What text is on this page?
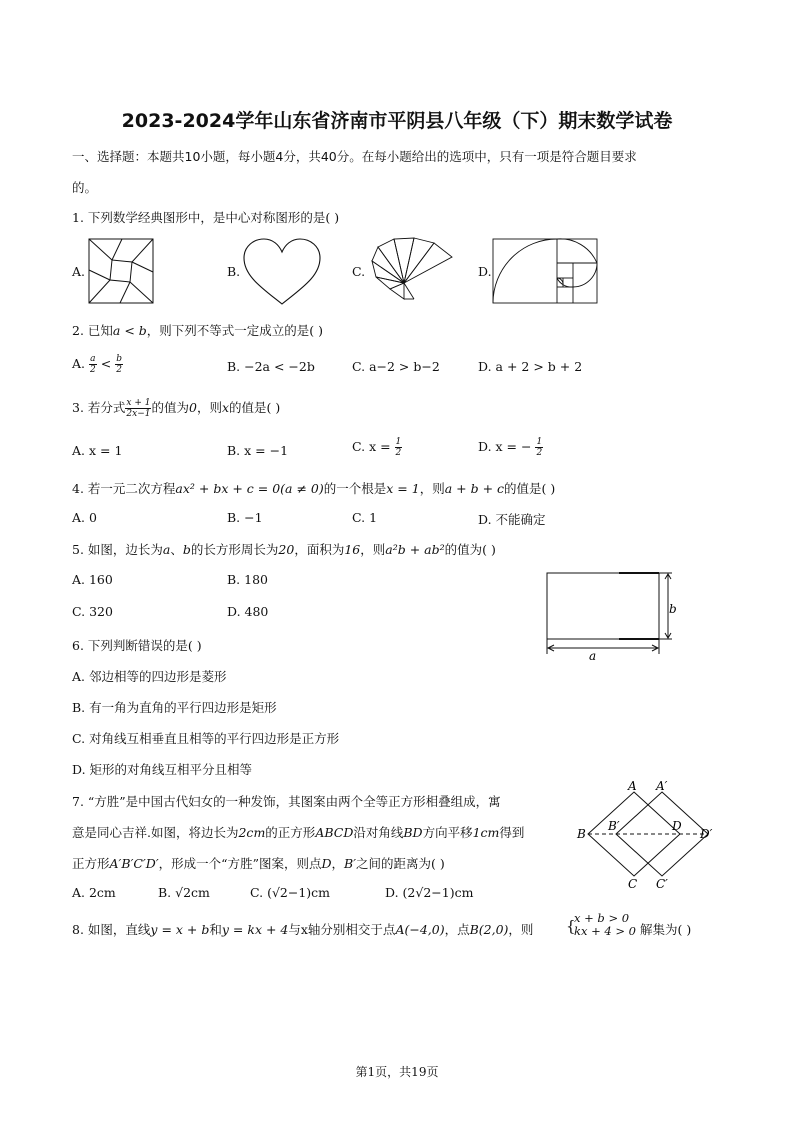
2023-2024学年山东省济南市平阴县八年级（下）期末数学试卷
一、选择题：本题共10小题，每小题4分，共40分。在每小题给出的选项中，只有一项是符合题目要求
的。
1. 下列数学经典图形中，是中心对称图形的是( )
A.	B.	C.	D.
2. 已知a < b，则下列不等式一定成立的是( )
A. $\frac{a}{2} < \frac{b}{2}$	B. −2a < −2b	C. a−2 > b−2	D. a + 2 > b + 2
3. 若分式 $\frac{x + 1}{2x-1}$ 的值为0，则x的值是( )
A. x = 1	B. x = −1	C. $x = \frac{1}{2}$	D. x = − $\frac{1}{2}$
4. 若一元二次方程ax² + bx + c = 0(a ≠ 0)的一个根是x = 1，则a + b + c的值是( )
A. 0	B. −1	C. 1	D. 不能确定
5. 如图，边长为a、b的长方形周长为20，面积为16，则a²b + ab²的值为( )
A. 160	B. 180
C. 320	D. 480	b
a
6. 下列判断错误的是( )
A. 邻边相等的四边形是菱形
B. 有一角为直角的平行四边形是矩形
C. 对角线互相垂直且相等的平行四边形是正方形
D. 矩形的对角线互相平分且相等
7. “方胜”是中国古代妇女的一种发饰，其图案由两个全等正方形相叠组成，寓
意是同心吉祥.如图，将边长为2cm的正方形ABCD沿对角线BD方向平移1cm得到
正方形A′B′C′D′，形成一个“方胜”图案，则点D，B′之间的距离为( )
A. 2cm	B. √2cm	C. (√2−1)cm	D. (2√2−1)cm
A A′
B
B′	D
D′
C C′
8. 如图，直线y = x + b和y = kx + 4与x轴分别相交于点A(−4,0)，点B(2,0)，则 {
x + b > 0
kx + 4 > 0 解集为( )
第1页，共19页
